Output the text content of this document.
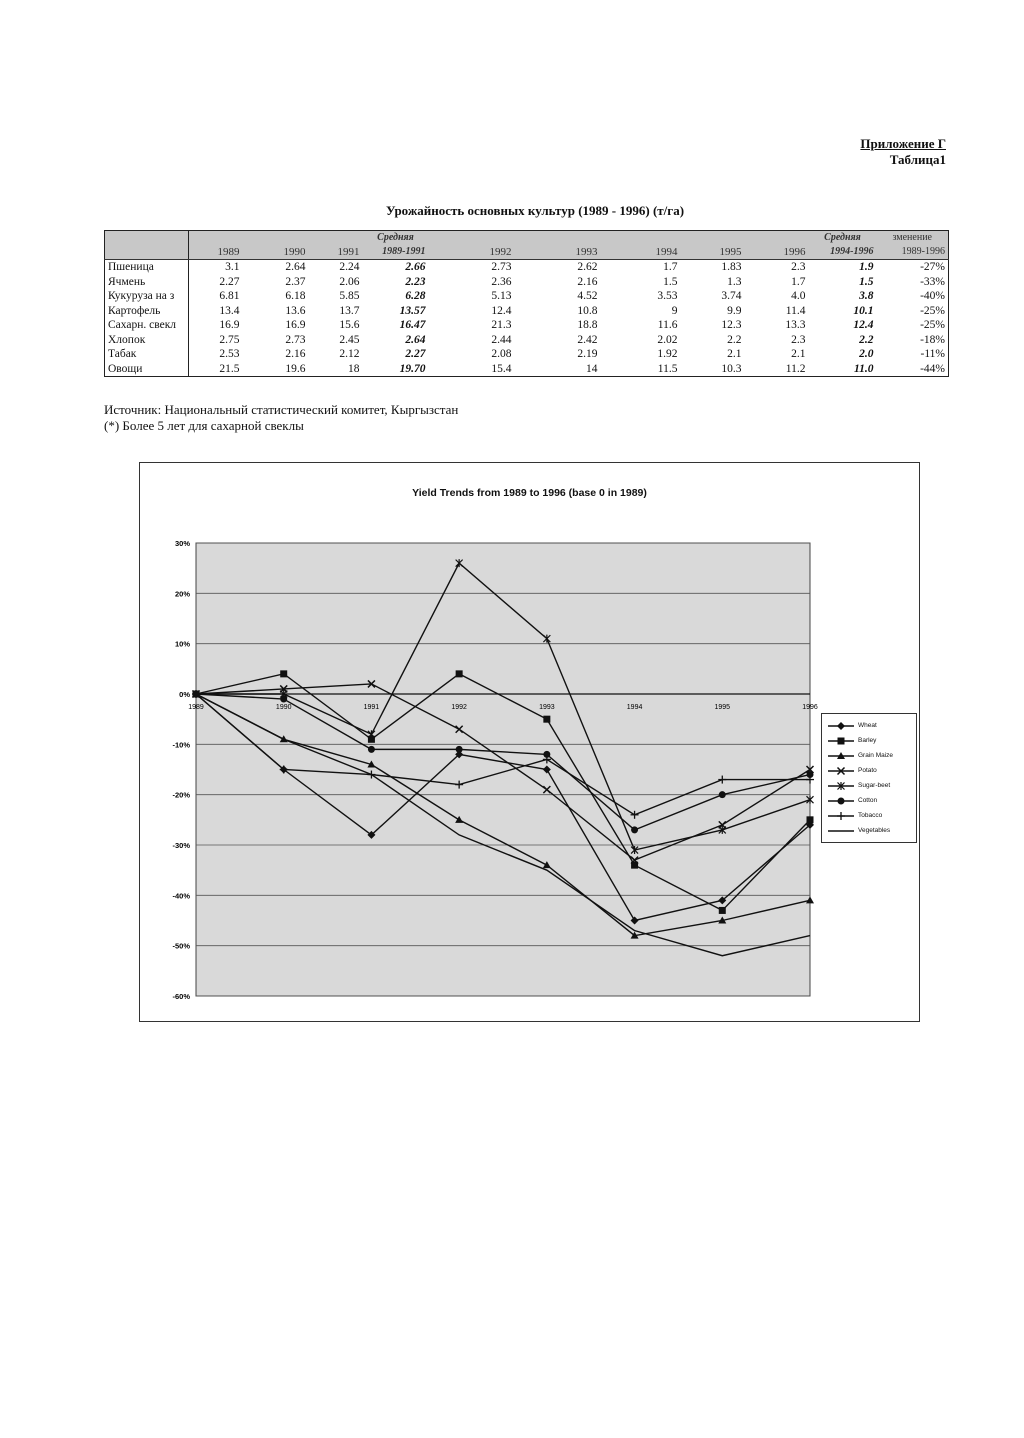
Приложение Г
Таблица1
Урожайность основных культур (1989 - 1996) (т/га)
				Средняя						Средняя	зменение
	1989	1990	1991	1989-1991	1992	1993	1994	1995	1996	1994-1996	1989-1996
Пшеница	3.1	2.64	2.24	2.66	2.73	2.62	1.7	1.83	2.3	1.9	-27%
Ячмень	2.27	2.37	2.06	2.23	2.36	2.16	1.5	1.3	1.7	1.5	-33%
Кукуруза на з	6.81	6.18	5.85	6.28	5.13	4.52	3.53	3.74	4.0	3.8	-40%
Картофель	13.4	13.6	13.7	13.57	12.4	10.8	9	9.9	11.4	10.1	-25%
Сахарн. свекл	16.9	16.9	15.6	16.47	21.3	18.8	11.6	12.3	13.3	12.4	-25%
Хлопок	2.75	2.73	2.45	2.64	2.44	2.42	2.02	2.2	2.3	2.2	-18%
Табак	2.53	2.16	2.12	2.27	2.08	2.19	1.92	2.1	2.1	2.0	-11%
Овощи	21.5	19.6	18	19.70	15.4	14	11.5	10.3	11.2	11.0	-44%
Источник: Национальный статистический комитет, Кыргызстан
(*) Более 5 лет для сахарной свеклы
Yield Trends from 1989 to 1996 (base 0 in 1989)
30%
20%
10%
0%
-10%
-20%
-30%
-40%
-50%
-60%
1989	1990	1991	1992	1993	1994	1995	1996
Wheat
Barley
Grain Maize
Potato
Sugar-beet
Cotton
Tobacco
Vegetables
